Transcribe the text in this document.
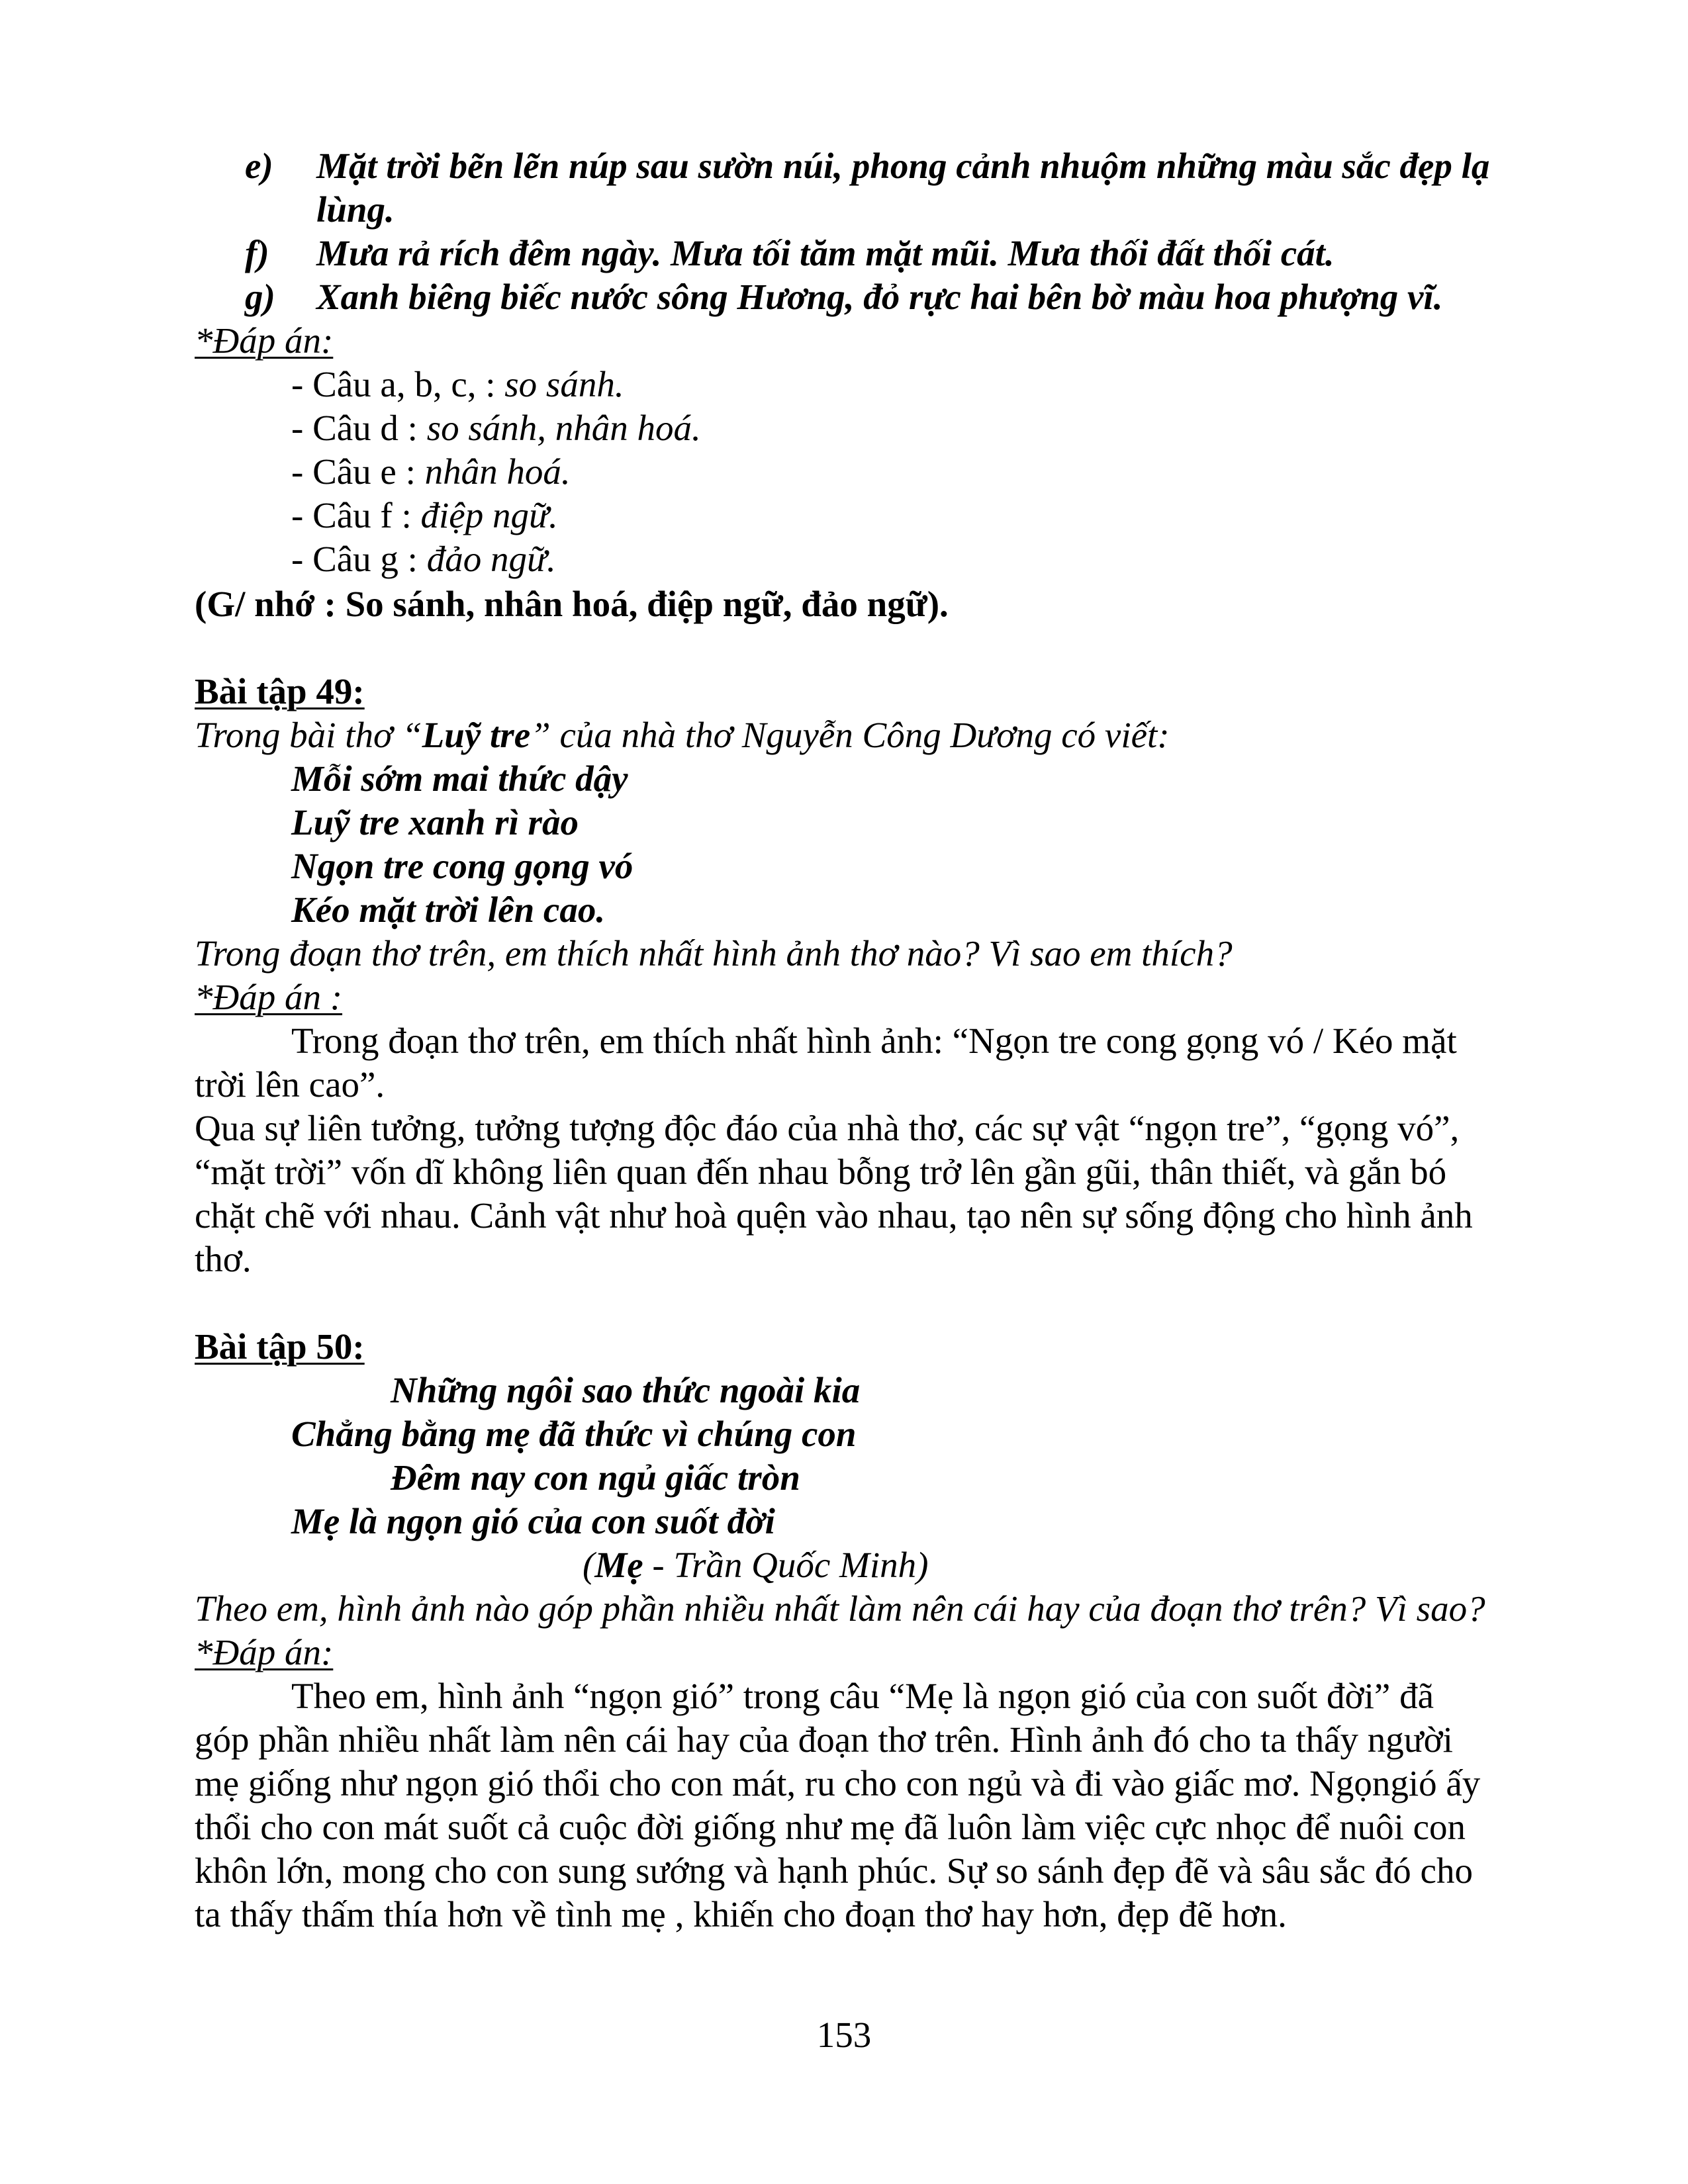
e) Mặt trời bẽn lẽn núp sau sườn núi, phong cảnh nhuộm những màu sắc đẹp lạ
lùng.
f) Mưa rả rích đêm ngày. Mưa tối tăm mặt mũi. Mưa thối đất thối cát.
g) Xanh biêng biếc nước sông Hương, đỏ rực hai bên bờ màu hoa phượng vĩ.
*Đáp án:
- Câu a, b, c, : so sánh.
- Câu d : so sánh, nhân hoá.
- Câu e : nhân hoá.
- Câu f : điệp ngữ.
- Câu g : đảo ngữ.
(G/ nhớ : So sánh, nhân hoá, điệp ngữ, đảo ngữ).
Bài tập 49:
Trong bài thơ “Luỹ tre” của nhà thơ Nguyễn Công Dương có viết:
Mỗi sớm mai thức dậy
Luỹ tre xanh rì rào
Ngọn tre cong gọng vó
Kéo mặt trời lên cao.
Trong đoạn thơ trên, em thích nhất hình ảnh thơ nào? Vì sao em thích?
*Đáp án :
Trong đoạn thơ trên, em thích nhất hình ảnh: “Ngọn tre cong gọng vó / Kéo mặt
trời lên cao”.
Qua sự liên tưởng, tưởng tượng độc đáo của nhà thơ, các sự vật “ngọn tre”, “gọng vó”,
“mặt trời” vốn dĩ không liên quan đến nhau bỗng trở lên gần gũi, thân thiết, và gắn bó
chặt chẽ với nhau. Cảnh vật như hoà quện vào nhau, tạo nên sự sống động cho hình ảnh
thơ.
Bài tập 50:
Những ngôi sao thức ngoài kia
Chẳng bằng mẹ đã thức vì chúng con
Đêm nay con ngủ giấc tròn
Mẹ là ngọn gió của con suốt đời
(Mẹ - Trần Quốc Minh)
Theo em, hình ảnh nào góp phần nhiều nhất làm nên cái hay của đoạn thơ trên? Vì sao?
*Đáp án:
Theo em, hình ảnh “ngọn gió” trong câu “Mẹ là ngọn gió của con suốt đời” đã
góp phần nhiều nhất làm nên cái hay của đoạn thơ trên. Hình ảnh đó cho ta thấy người
mẹ giống như ngọn gió thổi cho con mát, ru cho con ngủ và đi vào giấc mơ. Ngọngió ấy
thổi cho con mát suốt cả cuộc đời giống như mẹ đã luôn làm việc cực nhọc để nuôi con
khôn lớn, mong cho con sung sướng và hạnh phúc. Sự so sánh đẹp đẽ và sâu sắc đó cho
ta thấy thấm thía hơn về tình mẹ , khiến cho đoạn thơ hay hơn, đẹp đẽ hơn.
153
